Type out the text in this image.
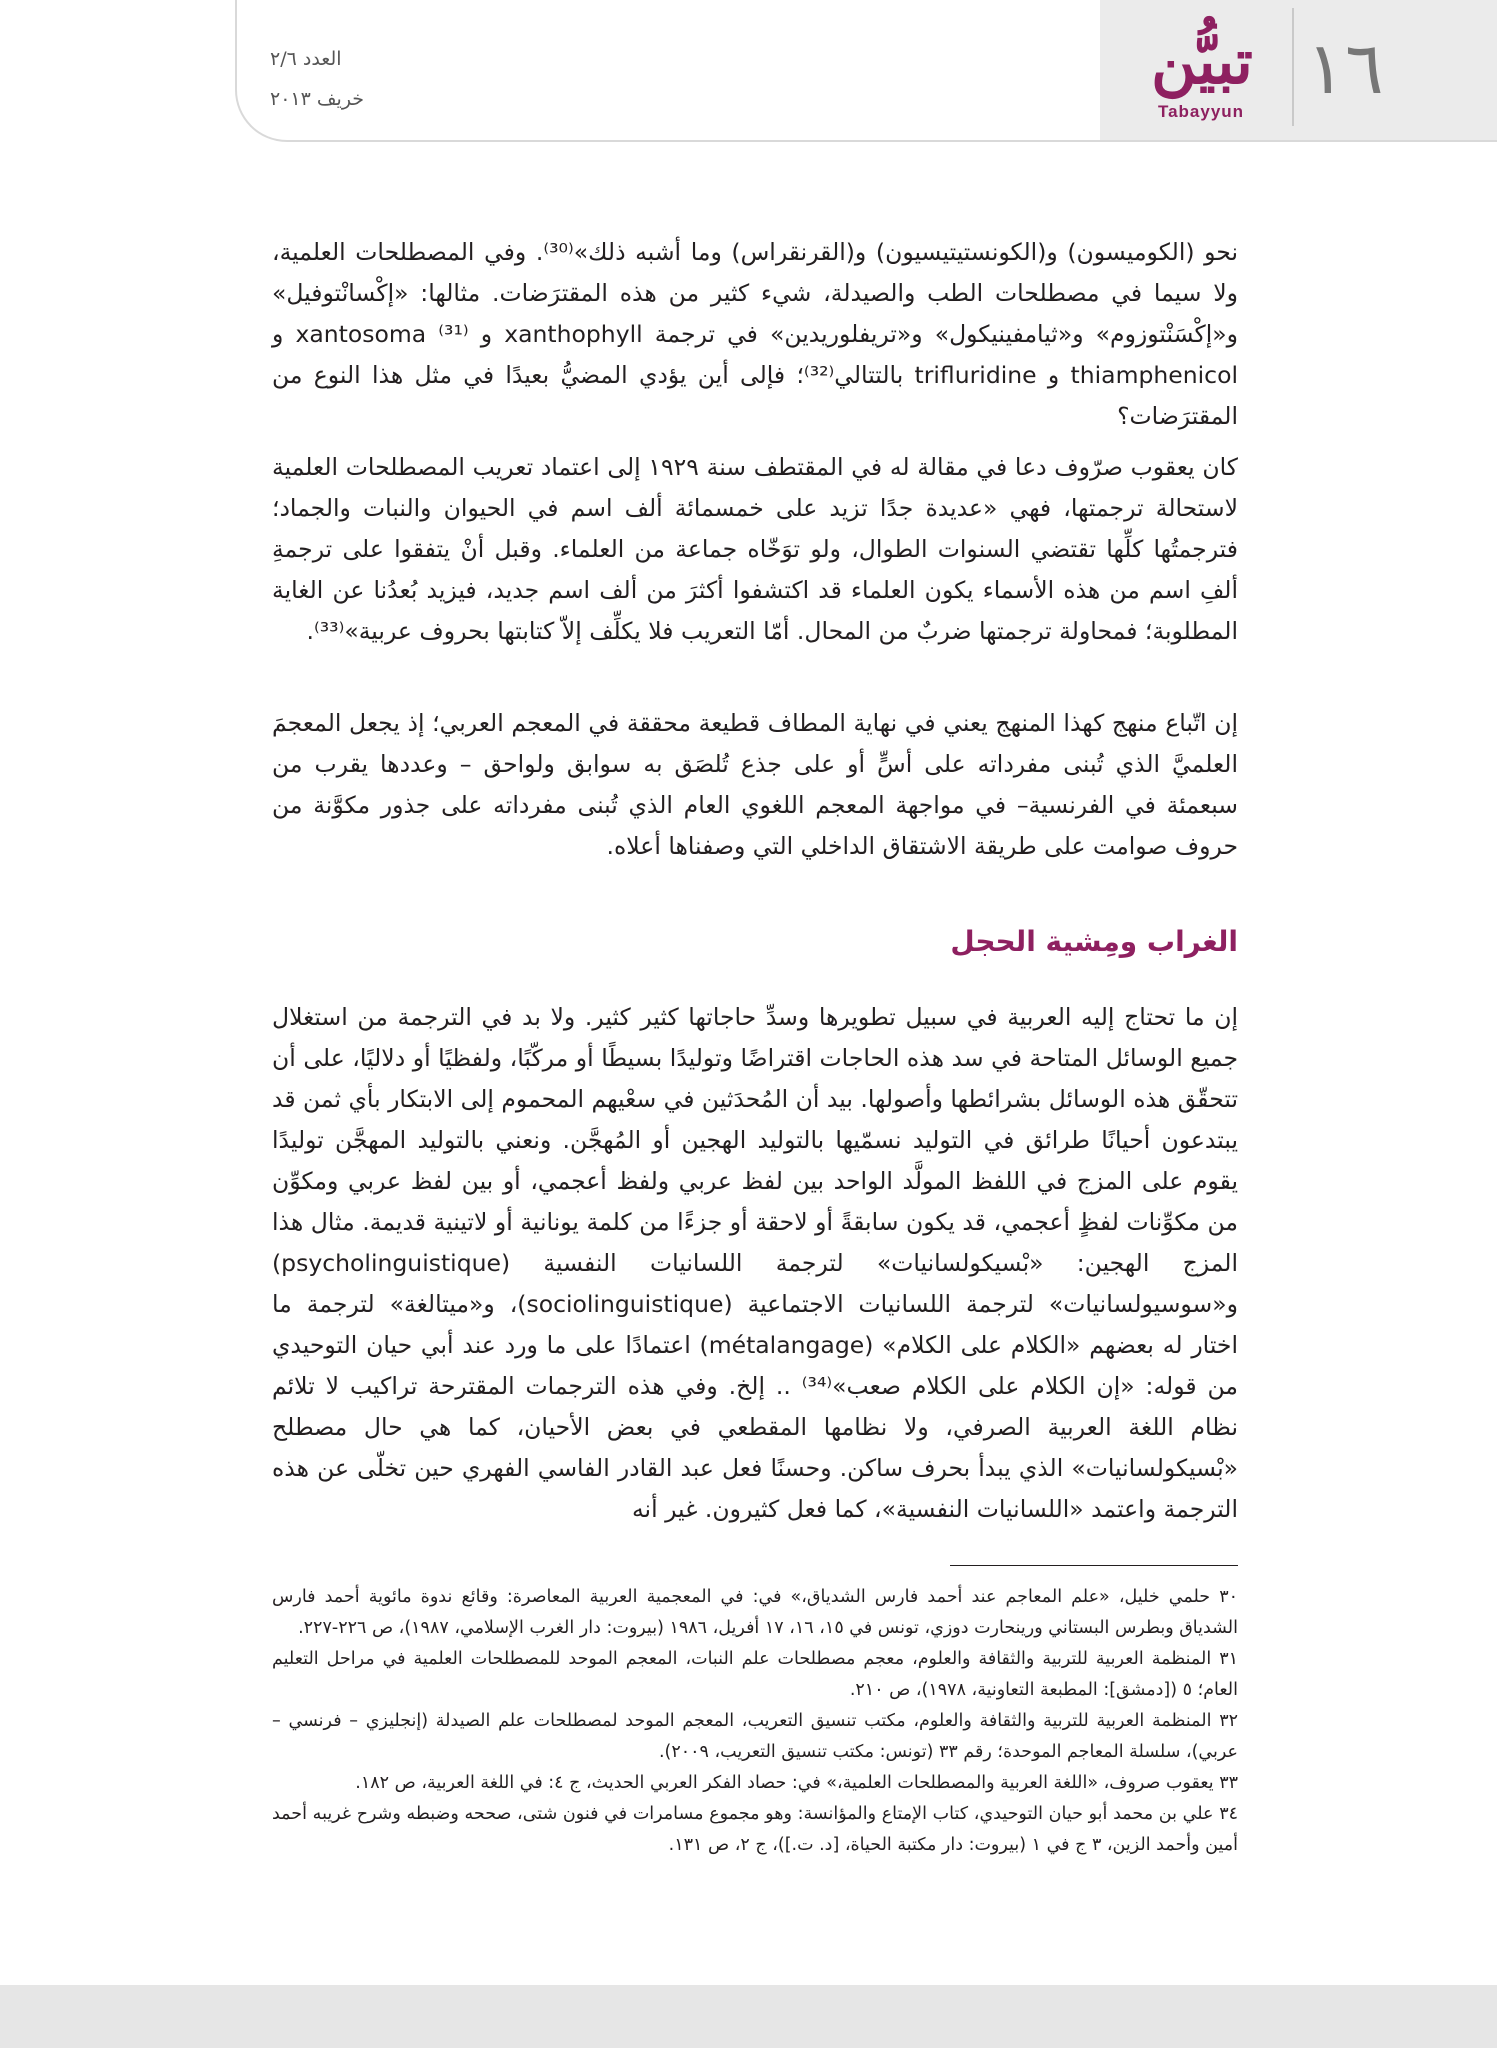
١٦
تبيُّن
Tabayyun
العدد ٢/٦
خريف ٢٠١٣

نحو (الكوميسون) و(الكونستيتيسيون) و(القرنقراس) وما أشبه ذلك»⁽³⁰⁾. وفي المصطلحات العلمية، ولا سيما في مصطلحات الطب والصيدلة، شيء كثير من هذه المقترَضات. مثالها: «إكْسانْتوفيل» و«إكْسَنْتوزوم» و«ثيامفينيكول» و«تريفلوريدين» في ترجمة xanthophyll و xantosoma ⁽³¹⁾ و thiamphenicol و trifluridine بالتتالي⁽³²⁾؛ فإلى أين يؤدي المضيُّ بعيدًا في مثل هذا النوع من المقترَضات؟

كان يعقوب صرّوف دعا في مقالة له في المقتطف سنة ١٩٢٩ إلى اعتماد تعريب المصطلحات العلمية لاستحالة ترجمتها، فهي «عديدة جدًا تزيد على خمسمائة ألف اسم في الحيوان والنبات والجماد؛ فترجمتُها كلِّها تقتضي السنوات الطوال، ولو توَخّاه جماعة من العلماء. وقبل أنْ يتفقوا على ترجمةِ ألفِ اسم من هذه الأسماء يكون العلماء قد اكتشفوا أكثرَ من ألف اسم جديد، فيزيد بُعدُنا عن الغاية المطلوبة؛ فمحاولة ترجمتها ضربٌ من المحال. أمّا التعريب فلا يكلِّف إلاّ كتابتها بحروف عربية»⁽³³⁾.

إن اتّباع منهج كهذا المنهج يعني في نهاية المطاف قطيعة محققة في المعجم العربي؛ إذ يجعل المعجمَ العلميَّ الذي تُبنى مفرداته على أسٍّ أو على جذع تُلصَق به سوابق ولواحق – وعددها يقرب من سبعمئة في الفرنسية– في مواجهة المعجم اللغوي العام الذي تُبنى مفرداته على جذور مكوَّنة من حروف صوامت على طريقة الاشتقاق الداخلي التي وصفناها أعلاه.

الغراب ومِشية الحجل

إن ما تحتاج إليه العربية في سبيل تطويرها وسدِّ حاجاتها كثير كثير. ولا بد في الترجمة من استغلال جميع الوسائل المتاحة في سد هذه الحاجات اقتراضًا وتوليدًا بسيطًا أو مركّبًا، ولفظيًا أو دلاليًا، على أن تتحقّق هذه الوسائل بشرائطها وأصولها. بيد أن المُحدَثين في سعْيهم المحموم إلى الابتكار بأي ثمن قد يبتدعون أحيانًا طرائق في التوليد نسمّيها بالتوليد الهجين أو المُهجَّن. ونعني بالتوليد المهجَّن توليدًا يقوم على المزج في اللفظ المولَّد الواحد بين لفظ عربي ولفظ أعجمي، أو بين لفظ عربي ومكوِّن من مكوِّنات لفظٍ أعجمي، قد يكون سابقةً أو لاحقة أو جزءًا من كلمة يونانية أو لاتينية قديمة. مثال هذا المزج الهجين: «بْسيكولسانيات» لترجمة اللسانيات النفسية (psycholinguistique) و«سوسيولسانيات» لترجمة اللسانيات الاجتماعية (sociolinguistique)، و«ميتالغة» لترجمة ما اختار له بعضهم «الكلام على الكلام» (métalangage) اعتمادًا على ما ورد عند أبي حيان التوحيدي من قوله: «إن الكلام على الكلام صعب»⁽³⁴⁾ .. إلخ. وفي هذه الترجمات المقترحة تراكيب لا تلائم نظام اللغة العربية الصرفي، ولا نظامها المقطعي في بعض الأحيان، كما هي حال مصطلح «بْسيكولسانيات» الذي يبدأ بحرف ساكن. وحسنًا فعل عبد القادر الفاسي الفهري حين تخلّى عن هذه الترجمة واعتمد «اللسانيات النفسية»، كما فعل كثيرون. غير أنه

٣٠ حلمي خليل، «علم المعاجم عند أحمد فارس الشدياق،» في: في المعجمية العربية المعاصرة: وقائع ندوة مائوية أحمد فارس الشدياق وبطرس البستاني ورينحارت دوزي، تونس في ١٥، ١٦، ١٧ أفريل، ١٩٨٦ (بيروت: دار الغرب الإسلامي، ١٩٨٧)، ص ٢٢٦-٢٢٧.

٣١ المنظمة العربية للتربية والثقافة والعلوم، معجم مصطلحات علم النبات، المعجم الموحد للمصطلحات العلمية في مراحل التعليم العام؛ ٥ ([دمشق]: المطبعة التعاونية، ١٩٧٨)، ص ٢١٠.

٣٢ المنظمة العربية للتربية والثقافة والعلوم، مكتب تنسيق التعريب، المعجم الموحد لمصطلحات علم الصيدلة (إنجليزي – فرنسي – عربي)، سلسلة المعاجم الموحدة؛ رقم ٣٣ (تونس: مكتب تنسيق التعريب، ٢٠٠٩).

٣٣ يعقوب صروف، «اللغة العربية والمصطلحات العلمية،» في: حصاد الفكر العربي الحديث، ج ٤: في اللغة العربية، ص ١٨٢.

٣٤ علي بن محمد أبو حيان التوحيدي، كتاب الإمتاع والمؤانسة: وهو مجموع مسامرات في فنون شتى، صححه وضبطه وشرح غريبه أحمد أمين وأحمد الزين، ٣ ج في ١ (بيروت: دار مكتبة الحياة، [د. ت.])، ج ٢، ص ١٣١.
